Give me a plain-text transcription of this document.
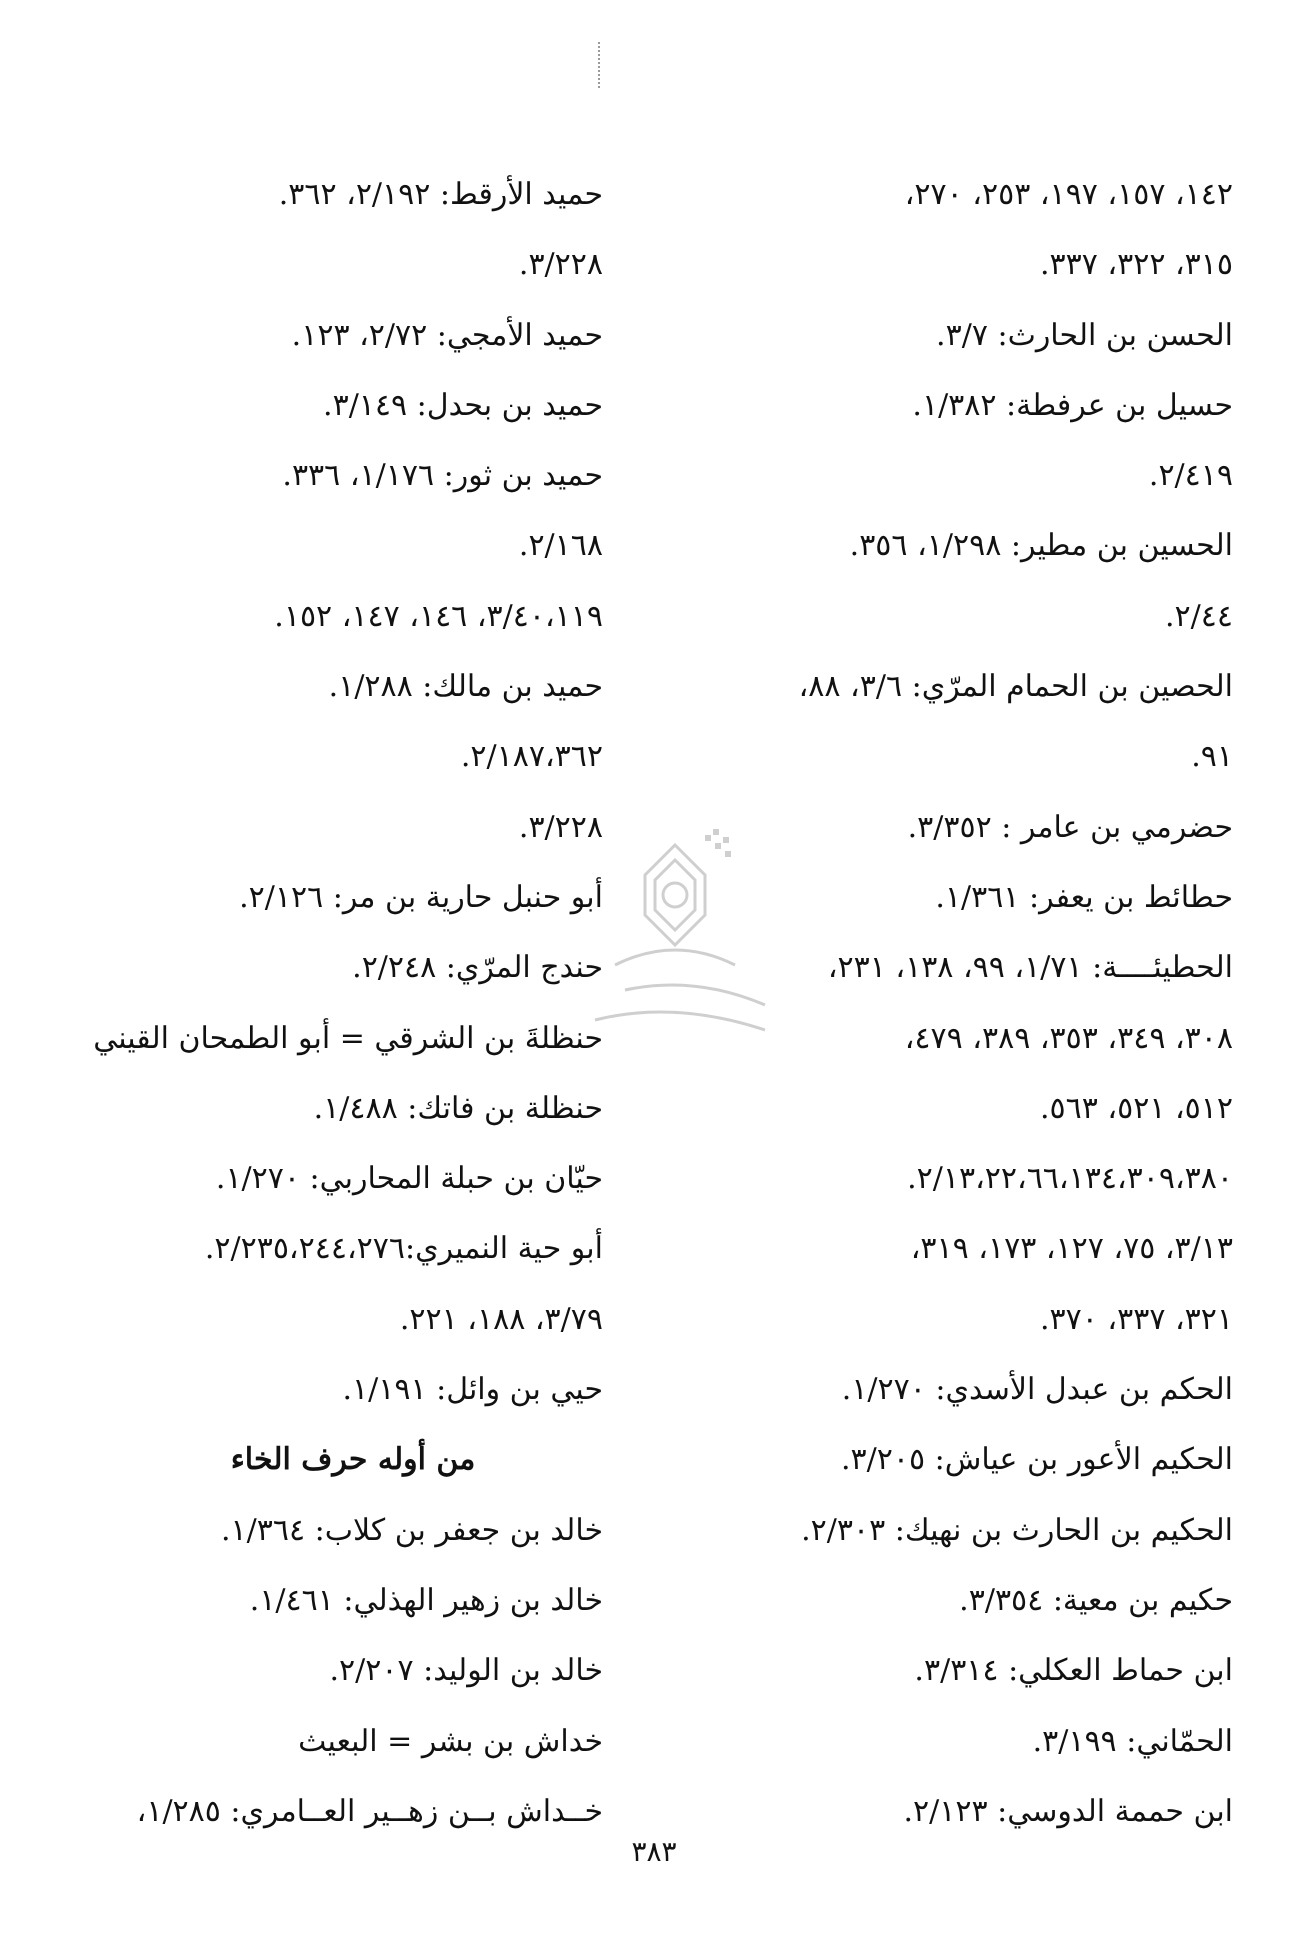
١٤٢، ١٥٧، ١٩٧، ٢٥٣، ٢٧٠،
٣١٥، ٣٢٢، ٣٣٧.
الحسن بن الحارث: ٣/٧.
حسيل بن عرفطة: ١/٣٨٢.
٢/٤١٩.
الحسين بن مطير: ١/٢٩٨، ٣٥٦.
٢/٤٤.
الحصين بن الحمام المرّي: ٣/٦، ٨٨،
٩١.
حضرمي بن عامر : ٣/٣٥٢.
حطائط بن يعفر: ١/٣٦١.
الحطيئــــة: ١/٧١، ٩٩، ١٣٨، ٢٣١،
٣٠٨، ٣٤٩، ٣٥٣، ٣٨٩، ٤٧٩،
٥١٢، ٥٢١، ٥٦٣.
٢/١٣،٢٢،٦٦،١٣٤،٣٠٩،٣٨٠.
٣/١٣، ٧٥، ١٢٧، ١٧٣، ٣١٩،
٣٢١، ٣٣٧، ٣٧٠.
الحكم بن عبدل الأسدي: ١/٢٧٠.
الحكيم الأعور بن عياش: ٣/٢٠٥.
الحكيم بن الحارث بن نهيك: ٢/٣٠٣.
حكيم بن معية: ٣/٣٥٤.
ابن حماط العكلي: ٣/٣١٤.
الحمّاني: ٣/١٩٩.
ابن حممة الدوسي: ٢/١٢٣.
حميد الأرقط: ٢/١٩٢، ٣٦٢.
٣/٢٢٨.
حميد الأمجي: ٢/٧٢، ١٢٣.
حميد بن بحدل: ٣/١٤٩.
حميد بن ثور: ١/١٧٦، ٣٣٦.
٢/١٦٨.
٣/٤٠،١١٩، ١٤٦، ١٤٧، ١٥٢.
حميد بن مالك: ١/٢٨٨.
٢/١٨٧،٣٦٢.
٣/٢٢٨.
أبو حنبل حارية بن مر: ٢/١٢٦.
حندج المرّي: ٢/٢٤٨.
حنظلةَ بن الشرقي = أبو الطمحان القيني
حنظلة بن فاتك: ١/٤٨٨.
حيّان بن حبلة المحاربي: ١/٢٧٠.
أبو حية النميري:٢/٢٣٥،٢٤٤،٢٧٦.
٣/٧٩، ١٨٨، ٢٢١.
حيي بن وائل: ١/١٩١.
من أوله حرف الخاء
خالد بن جعفر بن كلاب: ١/٣٦٤.
خالد بن زهير الهذلي: ١/٤٦١.
خالد بن الوليد: ٢/٢٠٧.
خداش بن بشر = البعيث
خــداش بــن زهــير العــامري: ١/٢٨٥،
٣٨٣
